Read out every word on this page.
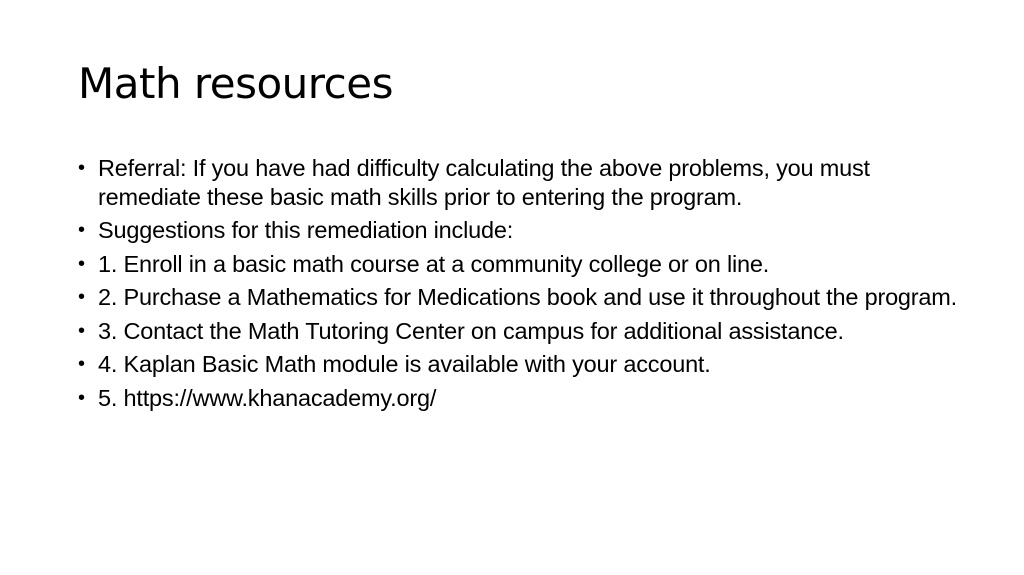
Math resources
• Referral: If you have had difficulty calculating the above problems, you must remediate these basic math skills prior to entering the program.
• Suggestions for this remediation include:
• 1. Enroll in a basic math course at a community college or on line.
• 2. Purchase a Mathematics for Medications book and use it throughout the program.
• 3. Contact the Math Tutoring Center on campus for additional assistance.
• 4. Kaplan Basic Math module is available with your account.
• 5. https://www.khanacademy.org/
